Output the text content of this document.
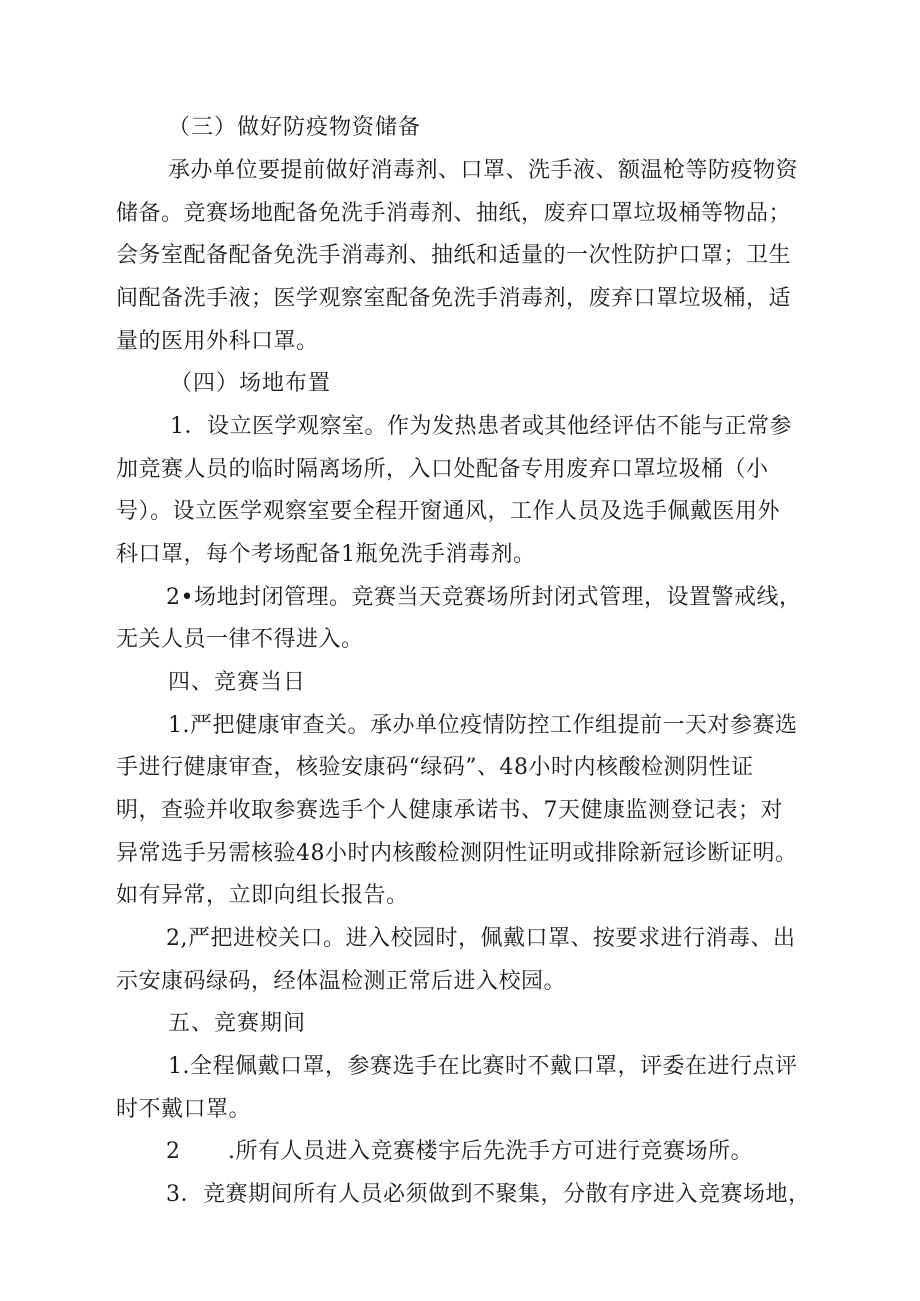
（三）做好防疫物资储备
承办单位要提前做好消毒剂、口罩、洗手液、额温枪等防疫物资
储备。竞赛场地配备免洗手消毒剂、抽纸，废弃口罩垃圾桶等物品；
会务室配备配备免洗手消毒剂、抽纸和适量的一次性防护口罩；卫生
间配备洗手液；医学观察室配备免洗手消毒剂，废弃口罩垃圾桶，适
量的医用外科口罩。
（四）场地布置
1．设立医学观察室。作为发热患者或其他经评估不能与正常参
加竞赛人员的临时隔离场所，入口处配备专用废弃口罩垃圾桶（小
号）。设立医学观察室要全程开窗通风，工作人员及选手佩戴医用外
科口罩，每个考场配备1瓶免洗手消毒剂。
2•场地封闭管理。竞赛当天竞赛场所封闭式管理，设置警戒线，
无关人员一律不得进入。
四、竞赛当日
1.严把健康审查关。承办单位疫情防控工作组提前一天对参赛选
手进行健康审查，核验安康码“绿码”、48小时内核酸检测阴性证
明，查验并收取参赛选手个人健康承诺书、7天健康监测登记表；对
异常选手另需核验48小时内核酸检测阴性证明或排除新冠诊断证明。
如有异常，立即向组长报告。
2,严把进校关口。进入校园时，佩戴口罩、按要求进行消毒、出
示安康码绿码，经体温检测正常后进入校园。
五、竞赛期间
1.全程佩戴口罩，参赛选手在比赛时不戴口罩，评委在进行点评
时不戴口罩。
2 .所有人员进入竞赛楼宇后先洗手方可进行竞赛场所。
3．竞赛期间所有人员必须做到不聚集，分散有序进入竞赛场地，
